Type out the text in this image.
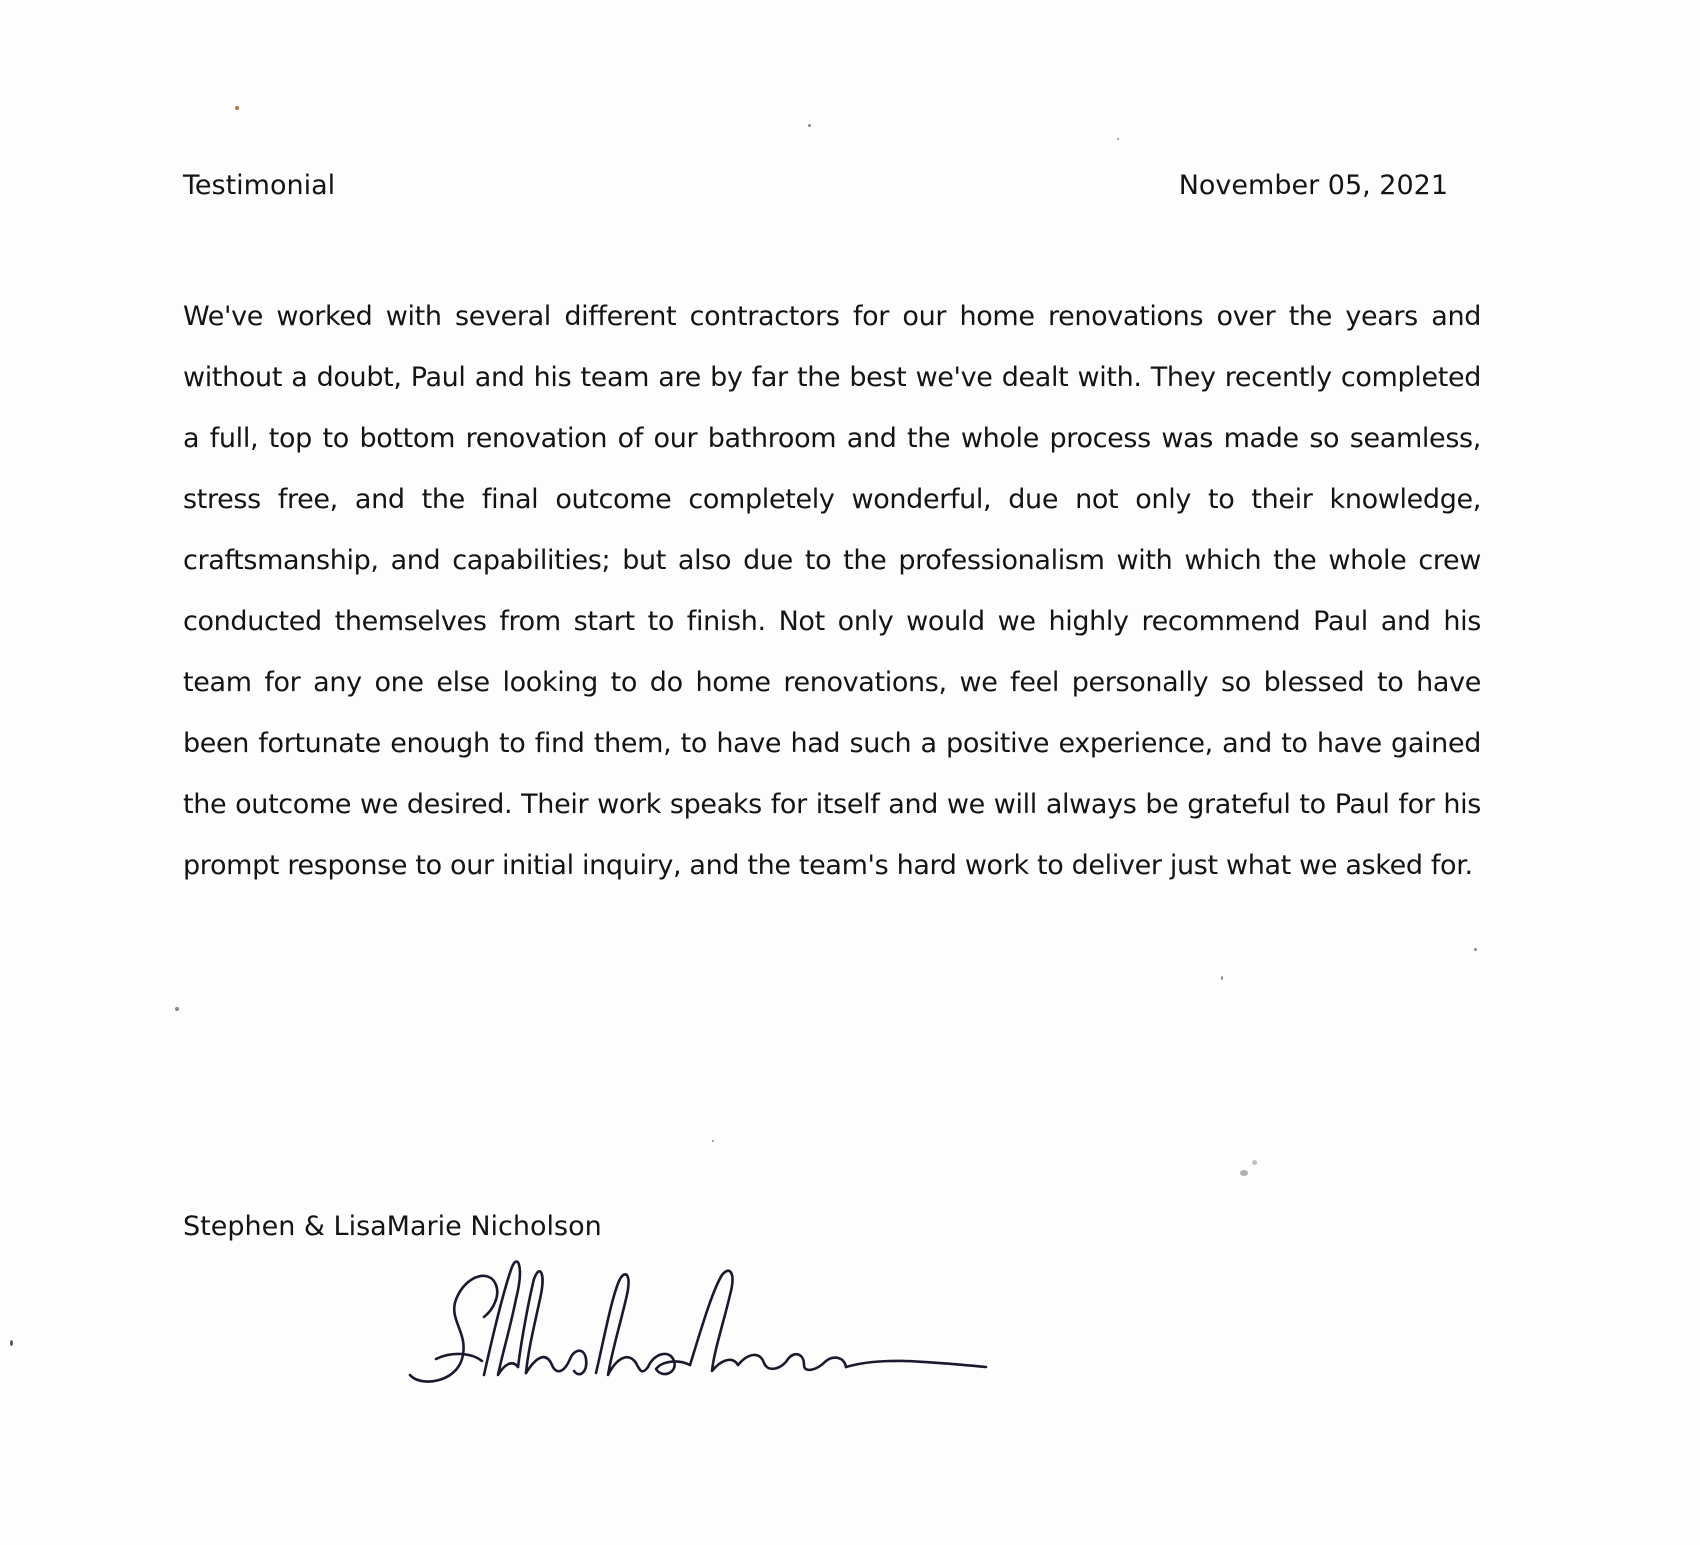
Testimonial	November 05, 2021

We've worked with several different contractors for our home renovations over the years and without a doubt, Paul and his team are by far the best we've dealt with. They recently completed a full, top to bottom renovation of our bathroom and the whole process was made so seamless, stress free, and the final outcome completely wonderful, due not only to their knowledge, craftsmanship, and capabilities; but also due to the professionalism with which the whole crew conducted themselves from start to finish. Not only would we highly recommend Paul and his team for any one else looking to do home renovations, we feel personally so blessed to have been fortunate enough to find them, to have had such a positive experience, and to have gained the outcome we desired. Their work speaks for itself and we will always be grateful to Paul for his prompt response to our initial inquiry, and the team's hard work to deliver just what we asked for.

Stephen & LisaMarie Nicholson
